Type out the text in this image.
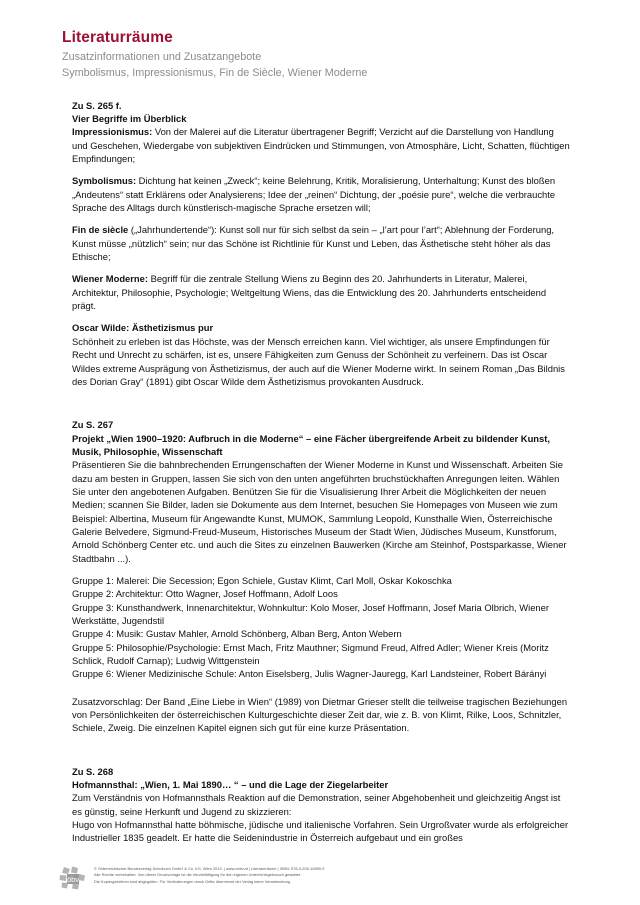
Literaturräume

Zusatzinformationen und Zusatzangebote

Symbolismus, Impressionismus, Fin de Siècle, Wiener Moderne

Zu S. 265 f.

Vier Begriffe im Überblick

Impressionismus: Von der Malerei auf die Literatur übertragener Begriff; Verzicht auf die Darstellung von Handlung und Geschehen, Wiedergabe von subjektiven Eindrücken und Stimmungen, von Atmosphäre, Licht, Schatten, flüchtigen Empfindungen;

Symbolismus: Dichtung hat keinen „Zweck“; keine Belehrung, Kritik, Moralisierung, Unterhaltung; Kunst des bloßen „Andeutens“ statt Erklärens oder Analysierens; Idee der „reinen“ Dichtung, der „poésie pure“, welche die verbrauchte Sprache des Alltags durch künstlerisch-magische Sprache ersetzen will;

Fin de siècle („Jahrhundertende“): Kunst soll nur für sich selbst da sein – „l’art pour l’art“; Ablehnung der Forderung, Kunst müsse „nützlich“ sein; nur das Schöne ist Richtlinie für Kunst und Leben, das Ästhetische steht höher als das Ethische;

Wiener Moderne: Begriff für die zentrale Stellung Wiens zu Beginn des 20. Jahrhunderts in Literatur, Malerei, Architektur, Philosophie, Psychologie; Weltgeltung Wiens, das die Entwicklung des 20. Jahrhunderts entscheidend prägt.

Oscar Wilde: Ästhetizismus pur

Schönheit zu erleben ist das Höchste, was der Mensch erreichen kann. Viel wichtiger, als unsere Empfindungen für Recht und Unrecht zu schärfen, ist es, unsere Fähigkeiten zum Genuss der Schönheit zu verfeinern. Das ist Oscar Wildes extreme Ausprägung von Ästhetizismus, der auch auf die Wiener Moderne wirkt. In seinem Roman „Das Bildnis des Dorian Gray“ (1891) gibt Oscar Wilde dem Ästhetizismus provokanten Ausdruck.

Zu S. 267

Projekt „Wien 1900–1920: Aufbruch in die Moderne“ – eine Fächer übergreifende Arbeit zu bildender Kunst, Musik, Philosophie, Wissenschaft

Präsentieren Sie die bahnbrechenden Errungenschaften der Wiener Moderne in Kunst und Wissenschaft. Arbeiten Sie dazu am besten in Gruppen, lassen Sie sich von den unten angeführten bruchstückhaften Anregungen leiten. Wählen Sie unter den angebotenen Aufgaben. Benützen Sie für die Visualisierung Ihrer Arbeit die Möglichkeiten der neuen Medien; scannen Sie Bilder, laden sie Dokumente aus dem Internet, besuchen Sie Homepages von Museen wie zum Beispiel: Albertina, Museum für Angewandte Kunst, MUMOK, Sammlung Leopold, Kunsthalle Wien, Österreichische Galerie Belvedere, Sigmund-Freud-Museum, Historisches Museum der Stadt Wien, Jüdisches Museum, Kunstforum, Arnold Schönberg Center etc. und auch die Sites zu einzelnen Bauwerken (Kirche am Steinhof, Postsparkasse, Wiener Stadtbahn ...).

Gruppe 1: Malerei: Die Secession; Egon Schiele, Gustav Klimt, Carl Moll, Oskar Kokoschka

Gruppe 2: Architektur: Otto Wagner, Josef Hoffmann, Adolf Loos

Gruppe 3: Kunsthandwerk, Innenarchitektur, Wohnkultur: Kolo Moser, Josef Hoffmann, Josef Maria Olbrich, Wiener Werkstätte, Jugendstil

Gruppe 4: Musik: Gustav Mahler, Arnold Schönberg, Alban Berg, Anton Webern

Gruppe 5: Philosophie/Psychologie: Ernst Mach, Fritz Mauthner; Sigmund Freud, Alfred Adler; Wiener Kreis (Moritz Schlick, Rudolf Carnap); Ludwig Wittgenstein

Gruppe 6: Wiener Medizinische Schule: Anton Eiselsberg, Julis Wagner-Jauregg, Karl Landsteiner, Robert Bárányi

Zusatzvorschlag: Der Band „Eine Liebe in Wien“ (1989) von Dietmar Grieser stellt die teilweise tragischen Beziehungen von Persönlichkeiten der österreichischen Kulturgeschichte dieser Zeit dar, wie z. B. von Klimt, Rilke, Loos, Schnitzler, Schiele, Zweig. Die einzelnen Kapitel eignen sich gut für eine kurze Präsentation.

Zu S. 268

Hofmannsthal: „Wien, 1. Mai 1890… “ – und die Lage der Ziegelarbeiter

Zum Verständnis von Hofmannsthals Reaktion auf die Demonstration, seiner Abgehobenheit und gleichzeitig Angst ist es günstig, seine Herkunft und Jugend zu skizzieren:

Hugo von Hofmannsthal hatte böhmische, jüdische und italienische Vorfahren. Sein Urgroßvater wurde als erfolgreicher Industrieller 1835 geadelt. Er hatte die Seidenindustrie in Österreich aufgebaut und ein großes

öbv
© Österreichischer Bundesverlag Schulbuch GmbH & Co. KG, Wien 2019. | www.oebv.at | Literaturräume | ISBN: 978-3-209-10899-9
Alle Rechte vorbehalten. Von dieser Druckvorlage ist die Vervielfältigung für den eigenen Unterrichtsgebrauch gestattet.
Die Kopiergebühren sind abgegolten. Für Veränderungen durch Dritte übernimmt der Verlag keine Verantwortung.
